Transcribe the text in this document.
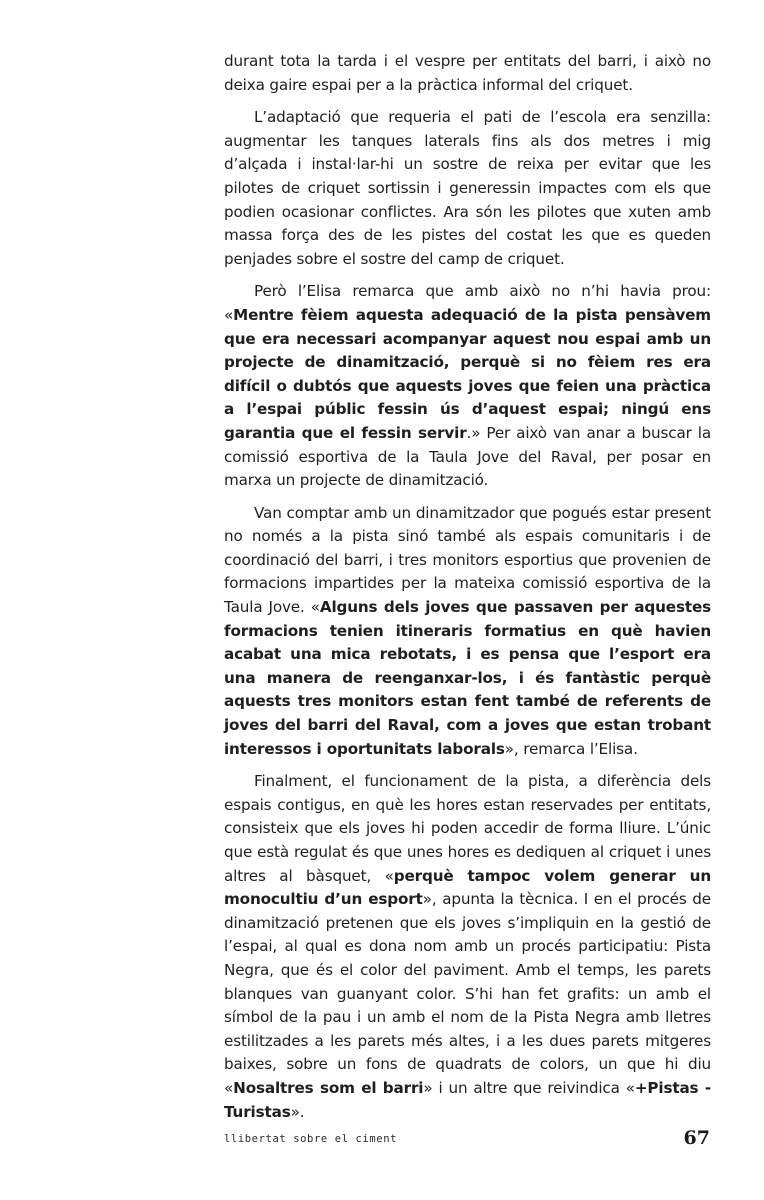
durant tota la tarda i el vespre per entitats del barri, i això no deixa gaire espai per a la pràctica informal del criquet.

L’adaptació que requeria el pati de l’escola era senzilla: augmentar les tanques laterals fins als dos metres i mig d’alçada i instal·lar-hi un sostre de reixa per evitar que les pilotes de criquet sortissin i generessin impactes com els que podien ocasionar conflictes. Ara són les pilotes que xuten amb massa força des de les pistes del costat les que es queden penjades sobre el sostre del camp de criquet.

Però l’Elisa remarca que amb això no n’hi havia prou: «Mentre fèiem aquesta adequació de la pista pensàvem que era necessari acompanyar aquest nou espai amb un projecte de dinamització, perquè si no fèiem res era difícil o dubtós que aquests joves que feien una pràctica a l’espai públic fessin ús d’aquest espai; ningú ens garantia que el fessin servir.» Per això van anar a buscar la comissió esportiva de la Taula Jove del Raval, per posar en marxa un projecte de dinamització.

Van comptar amb un dinamitzador que pogués estar present no només a la pista sinó també als espais comunitaris i de coordinació del barri, i tres monitors esportius que provenien de formacions impartides per la mateixa comissió esportiva de la Taula Jove. «Alguns dels joves que passaven per aquestes formacions tenien itineraris formatius en què havien acabat una mica rebotats, i es pensa que l’esport era una manera de reenganxar-los, i és fantàstic perquè aquests tres monitors estan fent també de referents de joves del barri del Raval, com a joves que estan trobant interessos i oportunitats laborals», remarca l’Elisa.

Finalment, el funcionament de la pista, a diferència dels espais contigus, en què les hores estan reservades per entitats, consisteix que els joves hi poden accedir de forma lliure. L’únic que està regulat és que unes hores es dediquen al criquet i unes altres al bàsquet, «perquè tampoc volem generar un monocultiu d’un esport», apunta la tècnica. I en el procés de dinamització pretenen que els joves s’impliquin en la gestió de l’espai, al qual es dona nom amb un procés participatiu: Pista Negra, que és el color del paviment. Amb el temps, les parets blanques van guanyant color. S’hi han fet grafits: un amb el símbol de la pau i un amb el nom de la Pista Negra amb lletres estilitzades a les parets més altes, i a les dues parets mitgeres baixes, sobre un fons de quadrats de colors, un que hi diu «Nosaltres som el barri» i un altre que reivindica «+Pistas -Turistas».

llibertat sobre el ciment	67
